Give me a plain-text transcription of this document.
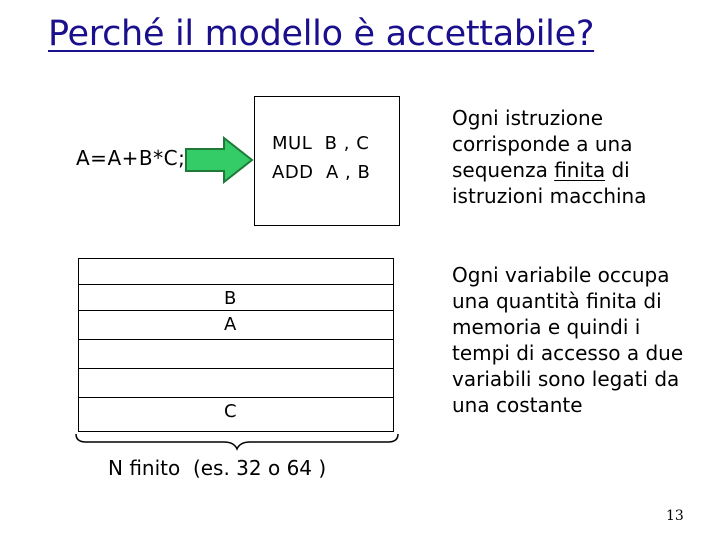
Perché il modello è accettabile?
A=A+B*C;
MUL  B , C
ADD  A , B
Ogni istruzione
corrisponde a una
sequenza finita di
istruzioni macchina
B
A
C
N finito  (es. 32 o 64 )
Ogni variabile occupa
una quantità finita di
memoria e quindi i
tempi di accesso a due
variabili sono legati da
una costante
13
